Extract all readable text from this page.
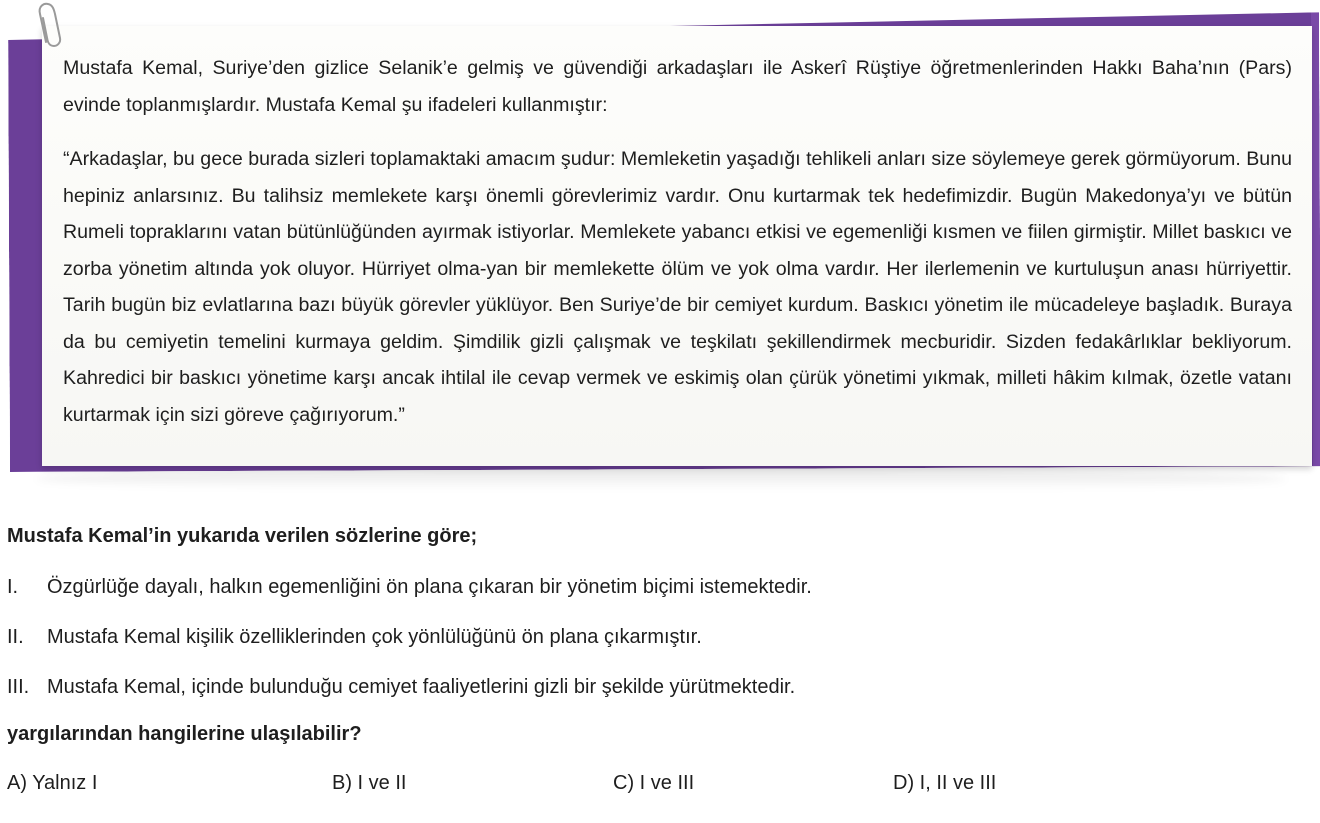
Mustafa Kemal, Suriye’den gizlice Selanik’e gelmiş ve güvendiği arkadaşları ile Askerî Rüştiye öğretmenlerinden Hakkı Baha’nın (Pars) evinde toplanmışlardır. Mustafa Kemal şu ifadeleri kullanmıştır:

“Arkadaşlar, bu gece burada sizleri toplamaktaki amacım şudur: Memleketin yaşadığı tehlikeli anları size söylemeye gerek görmüyorum. Bunu hepiniz anlarsınız. Bu talihsiz memlekete karşı önemli görevlerimiz vardır. Onu kurtarmak tek hedefimizdir. Bugün Makedonya’yı ve bütün Rumeli topraklarını vatan bütünlüğünden ayırmak istiyorlar. Memlekete yabancı etkisi ve egemenliği kısmen ve fiilen girmiştir. Millet baskıcı ve zorba yönetim altında yok oluyor. Hürriyet olma-yan bir memlekette ölüm ve yok olma vardır. Her ilerlemenin ve kurtuluşun anası hürriyettir. Tarih bugün biz evlatlarına bazı büyük görevler yüklüyor. Ben Suriye’de bir cemiyet kurdum. Baskıcı yönetim ile mücadeleye başladık. Buraya da bu cemiyetin temelini kurmaya geldim. Şimdilik gizli çalışmak ve teşkilatı şekillendirmek mecburidir. Sizden fedakârlıklar bekliyorum. Kahredici bir baskıcı yönetime karşı ancak ihtilal ile cevap vermek ve eskimiş olan çürük yönetimi yıkmak, milleti hâkim kılmak, özetle vatanı kurtarmak için sizi göreve çağırıyorum.”

Mustafa Kemal’in yukarıda verilen sözlerine göre;

I.	Özgürlüğe dayalı, halkın egemenliğini ön plana çıkaran bir yönetim biçimi istemektedir.
II.	Mustafa Kemal kişilik özelliklerinden çok yönlülüğünü ön plana çıkarmıştır.
III. Mustafa Kemal, içinde bulunduğu cemiyet faaliyetlerini gizli bir şekilde yürütmektedir.

yargılarından hangilerine ulaşılabilir?

A) Yalnız I	B) I ve II	C) I ve III	D) I, II ve III
